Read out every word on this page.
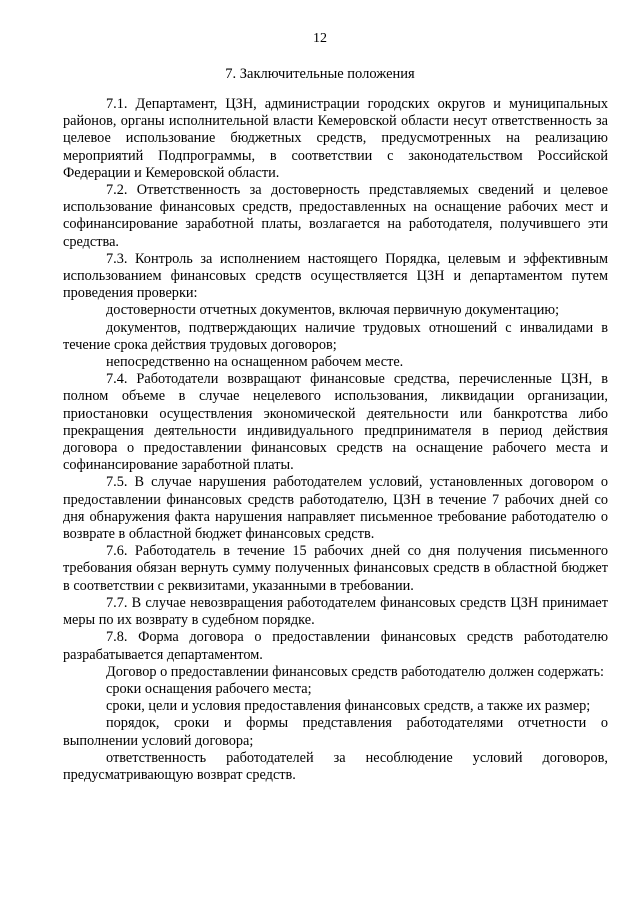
12
7. Заключительные положения

7.1. Департамент, ЦЗН, администрации городских округов и муниципальных районов, органы исполнительной власти Кемеровской области несут ответственность за целевое использование бюджетных средств, предусмотренных на реализацию мероприятий Подпрограммы, в соответствии с законодательством Российской Федерации и Кемеровской области.

7.2. Ответственность за достоверность представляемых сведений и целевое использование финансовых средств, предоставленных на оснащение рабочих мест и софинансирование заработной платы, возлагается на работодателя, получившего эти средства.

7.3. Контроль за исполнением настоящего Порядка, целевым и эффективным использованием финансовых средств осуществляется ЦЗН и департаментом путем проведения проверки:

достоверности отчетных документов, включая первичную документацию;

документов, подтверждающих наличие трудовых отношений с инвалидами в течение срока действия трудовых договоров;

непосредственно на оснащенном рабочем месте.

7.4. Работодатели возвращают финансовые средства, перечисленные ЦЗН, в полном объеме в случае нецелевого использования, ликвидации организации, приостановки осуществления экономической деятельности или банкротства либо прекращения деятельности индивидуального предпринимателя в период действия договора о предоставлении финансовых средств на оснащение рабочего места и софинансирование заработной платы.

7.5. В случае нарушения работодателем условий, установленных договором о предоставлении финансовых средств работодателю, ЦЗН в течение 7 рабочих дней со дня обнаружения факта нарушения направляет письменное требование работодателю о возврате в областной бюджет финансовых средств.

7.6. Работодатель в течение 15 рабочих дней со дня получения письменного требования обязан вернуть сумму полученных финансовых средств в областной бюджет в соответствии с реквизитами, указанными в требовании.

7.7. В случае невозвращения работодателем финансовых средств ЦЗН принимает меры по их возврату в судебном порядке.

7.8. Форма договора о предоставлении финансовых средств работодателю разрабатывается департаментом.

Договор о предоставлении финансовых средств работодателю должен содержать:

сроки оснащения рабочего места;

сроки, цели и условия предоставления финансовых средств, а также их размер;

порядок, сроки и формы представления работодателями отчетности о выполнении условий договора;

ответственность работодателей за несоблюдение условий договоров, предусматривающую возврат средств.
